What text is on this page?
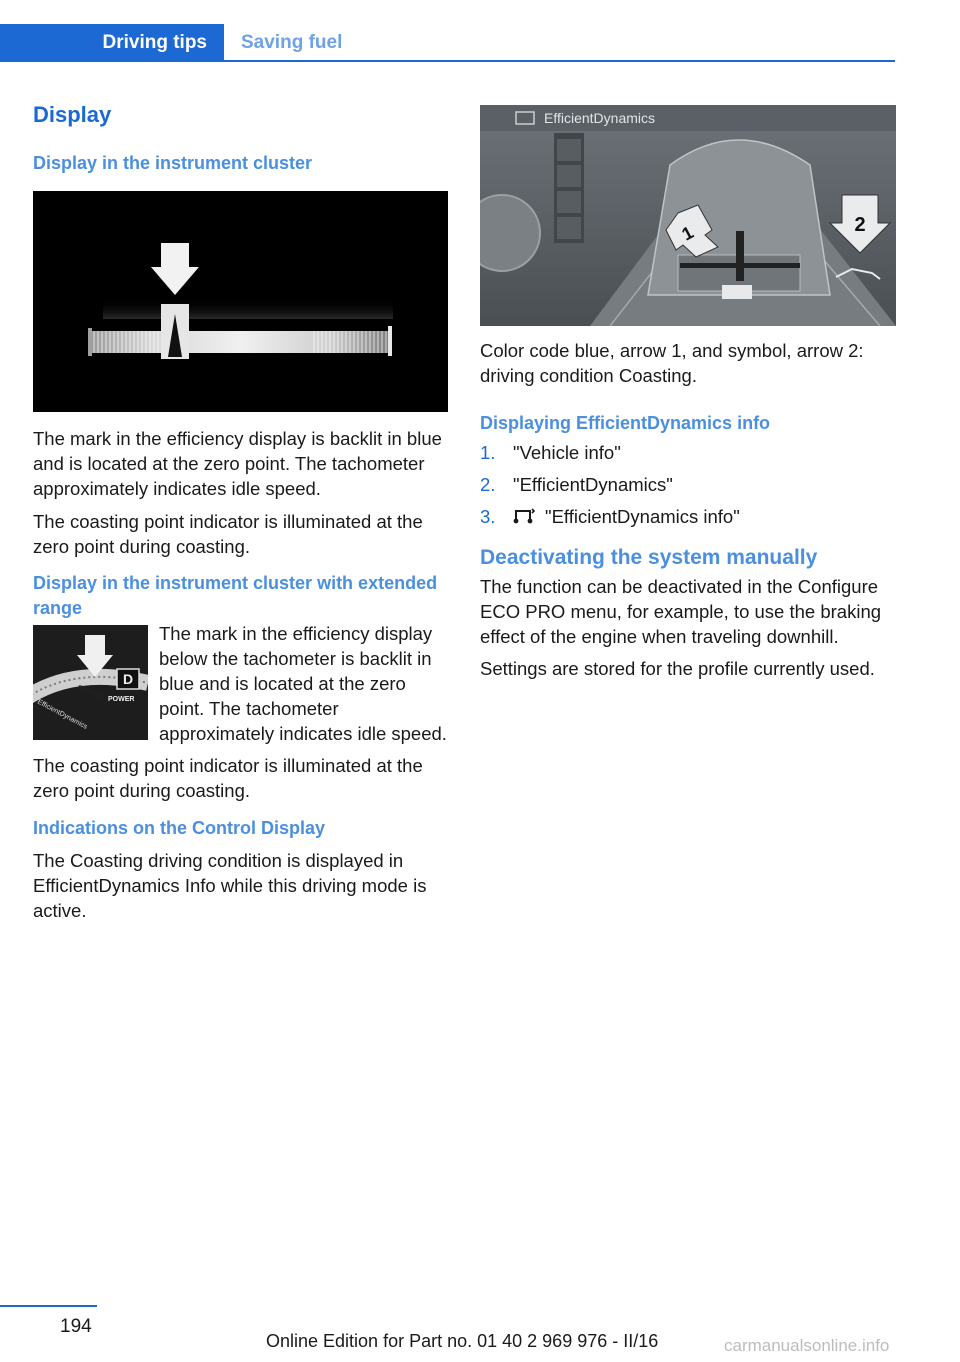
Driving tips	Saving fuel
Display
Display in the instrument cluster

The mark in the efficiency display is backlit in blue and is located at the zero point. The tachometer approximately indicates idle speed.

The coasting point indicator is illuminated at the zero point during coasting.

Display in the instrument cluster with extended range
D
CHARGE POWER
EfficientDynamics

The mark in the efficiency display below the tachometer is backlit in blue and is located at the zero point. The tachometer approximately indicates idle speed.

The coasting point indicator is illuminated at the zero point during coasting.

Indications on the Control Display

The Coasting driving condition is displayed in EfficientDynamics Info while this driving mode is active.

EfficientDynamics
1	2

Color code blue, arrow 1, and symbol, arrow 2: driving condition Coasting.

Displaying EfficientDynamics info
1. "Vehicle info"
2. "EfficientDynamics"
3.	"EfficientDynamics info"
Deactivating the system manually

The function can be deactivated in the Configure ECO PRO menu, for example, to use the braking effect of the engine when traveling downhill.

Settings are stored for the profile currently used.

194
Online Edition for Part no. 01 40 2 969 976 - II/16	carmanualsonline.info
